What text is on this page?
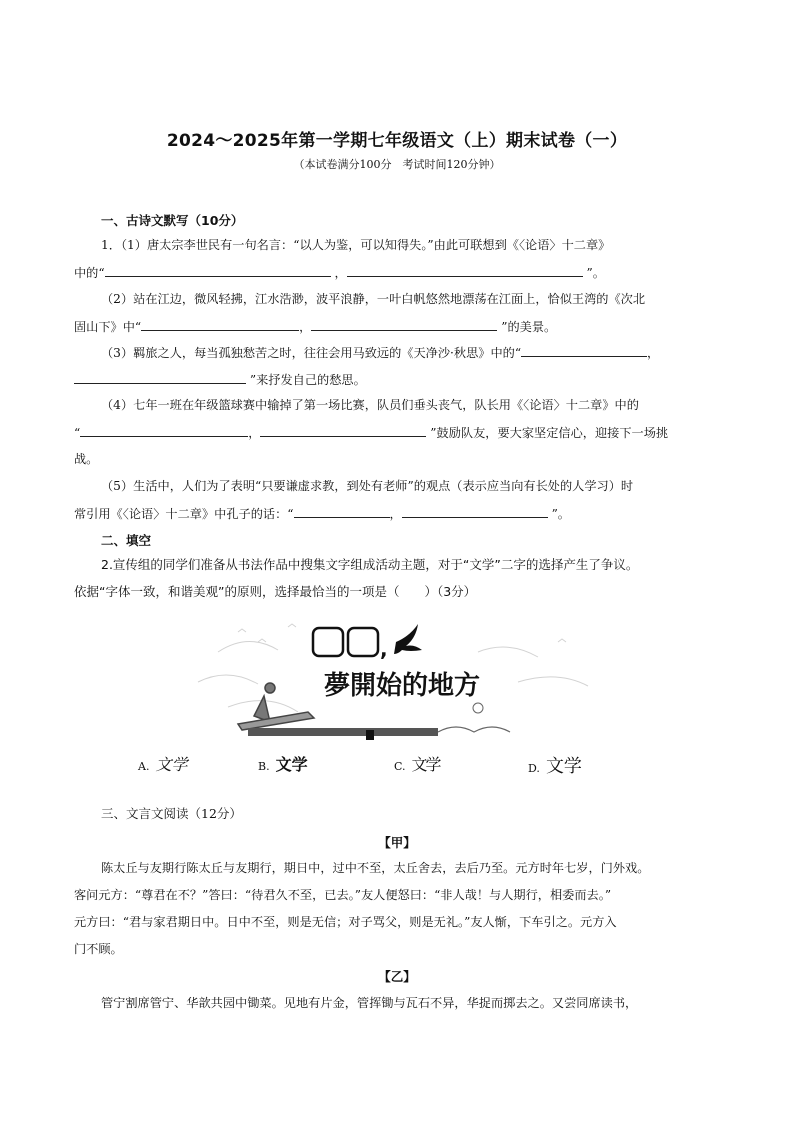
2024～2025年第一学期七年级语文（上）期末试卷（一）
（本试卷满分100分　考试时间120分钟）
一、古诗文默写（10分）
1．（1）唐太宗李世民有一句名言：“以人为鉴，可以知得失。”由此可联想到《〈论语〉十二章》
中的“	，	”。
（2）站在江边，微风轻拂，江水浩渺，波平浪静，一叶白帆悠然地漂荡在江面上，恰似王湾的《次北
固山下》中“	，	”的美景。
（3）羁旅之人，每当孤独愁苦之时，往往会用马致远的《天净沙·秋思》中的“	，
”来抒发自己的愁思。
（4）七年一班在年级篮球赛中输掉了第一场比赛，队员们垂头丧气，队长用《〈论语〉十二章》中的
“	，	”鼓励队友，要大家坚定信心，迎接下一场挑
战。
（5）生活中，人们为了表明“只要谦虚求教，到处有老师”的观点（表示应当向有长处的人学习）时
常引用《〈论语〉十二章》中孔子的话：“	，	”。
二、填空
2.宣传组的同学们准备从书法作品中搜集文字组成活动主题，对于“文学”二字的选择产生了争议。
依据“字体一致，和谐美观”的原则，选择最恰当的一项是（　　）（3分）
,
夢開始的地方
A. 文学	B. 文学	C. 文学	D. 文学
三、文言文阅读（12分）
【甲】
陈太丘与友期行陈太丘与友期行，期日中，过中不至，太丘舍去，去后乃至。元方时年七岁，门外戏。
客问元方：“尊君在不？”答曰：“待君久不至，已去。”友人便怒曰：“非人哉！与人期行，相委而去。”
元方曰：“君与家君期日中。日中不至，则是无信；对子骂父，则是无礼。”友人惭，下车引之。元方入
门不顾。
【乙】
管宁割席管宁、华歆共园中锄菜。见地有片金，管挥锄与瓦石不异，华捉而掷去之。又尝同席读书，
